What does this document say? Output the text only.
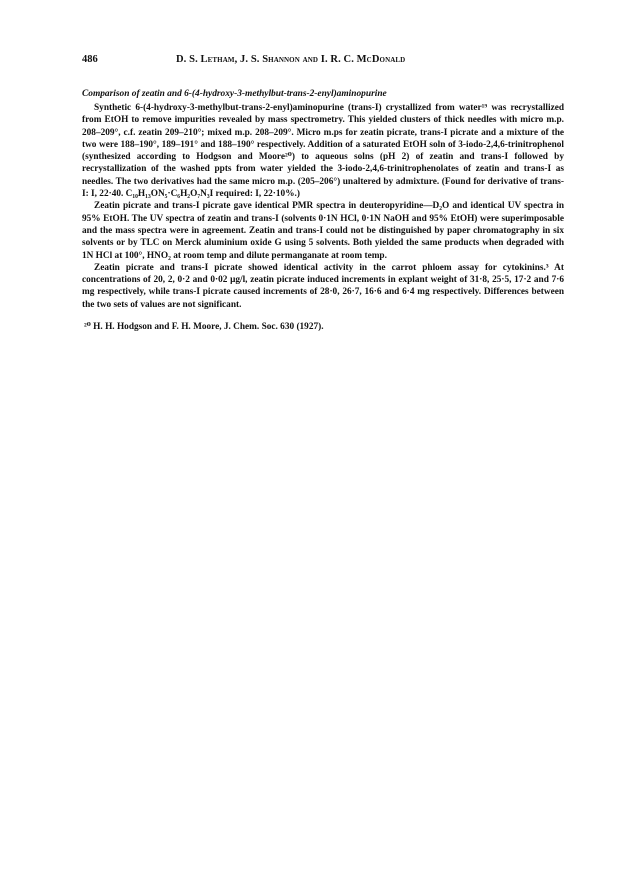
486	D. S. Letham, J. S. Shannon and I. R. C. McDonald
Comparison of zeatin and 6-(4-hydroxy-3-methylbut-trans-2-enyl)aminopurine

Synthetic 6-(4-hydroxy-3-methylbut-trans-2-enyl)aminopurine (trans-I) crystallized from water¹⁹ was recrystallized from EtOH to remove impurities revealed by mass spectrometry. This yielded clusters of thick needles with micro m.p. 208–209°, c.f. zeatin 209–210°; mixed m.p. 208–209°. Micro m.ps for zeatin picrate, trans-I picrate and a mixture of the two were 188–190°, 189–191° and 188–190° respectively. Addition of a saturated EtOH soln of 3-iodo-2,4,6-trinitrophenol (synthesized according to Hodgson and Moore²⁰) to aqueous solns (pH 2) of zeatin and trans-I followed by recrystallization of the washed ppts from water yielded the 3-iodo-2,4,6-trinitrophenolates of zeatin and trans-I as needles. The two derivatives had the same micro m.p. (205–206°) unaltered by admixture. (Found for derivative of trans-I: I, 22·40. C₁₀H₁₃ON₅·C₆H₂O₇N₃I required: I, 22·10%.)

Zeatin picrate and trans-I picrate gave identical PMR spectra in deuteropyridine—D₂O and identical UV spectra in 95% EtOH. The UV spectra of zeatin and trans-I (solvents 0·1N HCl, 0·1N NaOH and 95% EtOH) were superimposable and the mass spectra were in agreement. Zeatin and trans-I could not be distinguished by paper chromatography in six solvents or by TLC on Merck aluminium oxide G using 5 solvents. Both yielded the same products when degraded with 1N HCl at 100°, HNO₂ at room temp and dilute permanganate at room temp.

Zeatin picrate and trans-I picrate showed identical activity in the carrot phloem assay for cytokinins.³ At concentrations of 20, 2, 0·2 and 0·02 μg/l, zeatin picrate induced increments in explant weight of 31·8, 25·5, 17·2 and 7·6 mg respectively, while trans-I picrate caused increments of 28·0, 26·7, 16·6 and 6·4 mg respectively. Differences between the two sets of values are not significant.

²⁰ H. H. Hodgson and F. H. Moore, J. Chem. Soc. 630 (1927).
